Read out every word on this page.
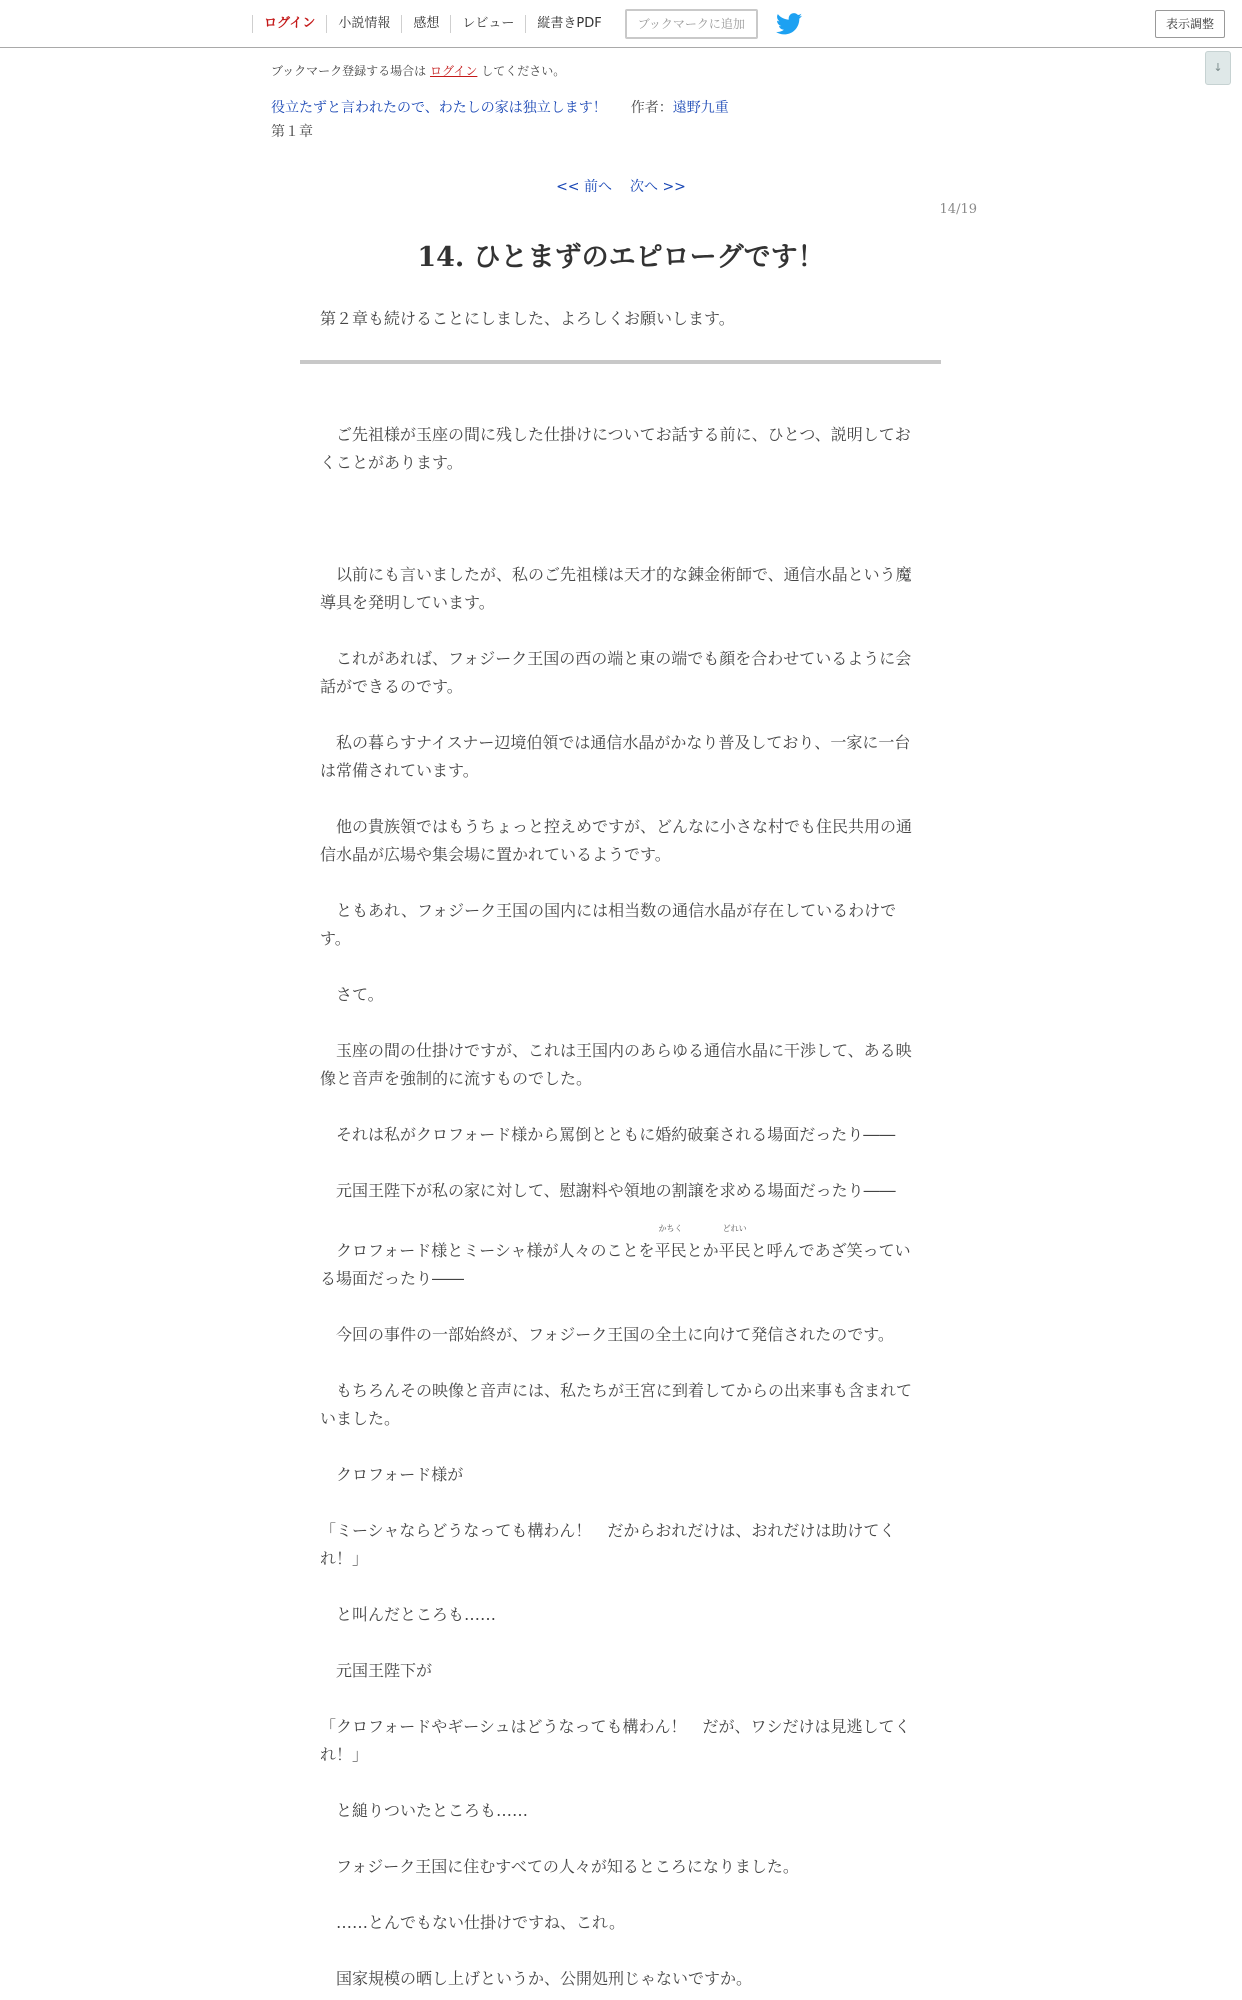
ログイン	小説情報	感想	レビュー	縦書きPDF	ブックマークに追加	表示調整
↓
ブックマーク登録する場合は ログイン してください。
役立たずと言われたので、わたしの家は独立します！ 作者：遠野九重
第１章
<< 前へ 次へ >>
14/19
14. ひとまずのエピローグです！
第２章も続けることにしました、よろしくお願いします。

　ご先祖様が玉座の間に残した仕掛けについてお話する前に、ひとつ、説明しておくことがあります。

　以前にも言いましたが、私のご先祖様は天才的な錬金術師で、通信水晶という魔導具を発明しています。

　これがあれば、フォジーク王国の西の端と東の端でも顔を合わせているように会話ができるのです。

　私の暮らすナイスナー辺境伯領では通信水晶がかなり普及しており、一家に一台は常備されています。

　他の貴族領ではもうちょっと控えめですが、どんなに小さな村でも住民共用の通信水晶が広場や集会場に置かれているようです。

　ともあれ、フォジーク王国の国内には相当数の通信水晶が存在しているわけです。

　さて。

　玉座の間の仕掛けですが、これは王国内のあらゆる通信水晶に干渉して、ある映像と音声を強制的に流すものでした。

　それは私がクロフォード様から罵倒とともに婚約破棄される場面だったり――

　元国王陛下が私の家に対して、慰謝料や領地の割譲を求める場面だったり――

　クロフォード様とミーシャ様が人々のことを
かちく
平民とか
どれい
平民と呼んであざ笑っている場面だったり――

　今回の事件の一部始終が、フォジーク王国の全土に向けて発信されたのです。

　もちろんその映像と音声には、私たちが王宮に到着してからの出来事も含まれていました。

　クロフォード様が

「ミーシャならどうなっても構わん！　だからおれだけは、おれだけは助けてくれ！」

　と叫んだところも……

　元国王陛下が

「クロフォードやギーシュはどうなっても構わん！　だが、ワシだけは見逃してくれ！」

　と縋りついたところも……

　フォジーク王国に住むすべての人々が知るところになりました。

　……とんでもない仕掛けですね、これ。

　国家規模の晒し上げというか、公開処刑じゃないですか。
